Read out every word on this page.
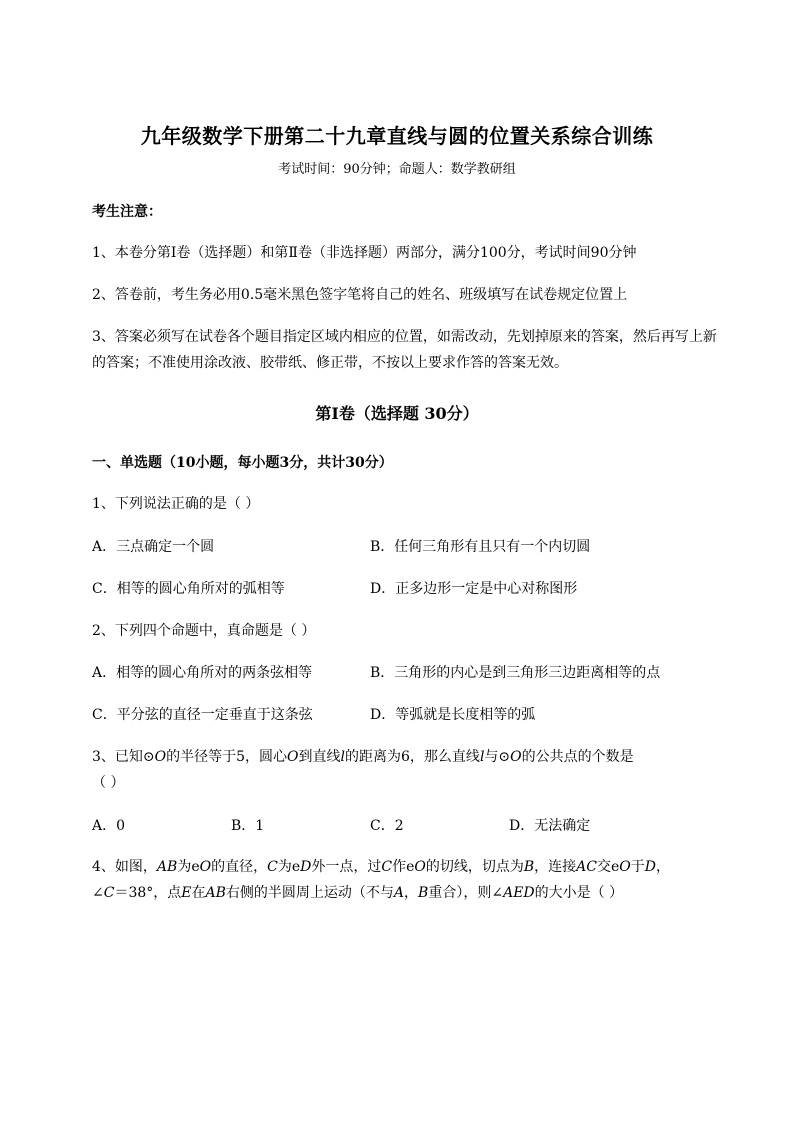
九年级数学下册第二十九章直线与圆的位置关系综合训练
考试时间：90分钟；命题人：数学教研组
考生注意：
1、本卷分第I卷（选择题）和第Ⅱ卷（非选择题）两部分，满分100分，考试时间90分钟
2、答卷前，考生务必用0.5毫米黑色签字笔将自己的姓名、班级填写在试卷规定位置上
3、答案必须写在试卷各个题目指定区域内相应的位置，如需改动，先划掉原来的答案，然后再写上新
的答案；不准使用涂改液、胶带纸、修正带，不按以上要求作答的答案无效。
第I卷（选择题 30分）
一、单选题（10小题，每小题3分，共计30分）
1、下列说法正确的是（ ）
A．三点确定一个圆	B．任何三角形有且只有一个内切圆
C．相等的圆心角所对的弧相等	D．正多边形一定是中心对称图形
2、下列四个命题中，真命题是（ ）
A．相等的圆心角所对的两条弦相等	B．三角形的内心是到三角形三边距离相等的点
C．平分弦的直径一定垂直于这条弦	D．等弧就是长度相等的弧
3、已知⊙O的半径等于5，圆心O到直线l的距离为6，那么直线l与⊙O的公共点的个数是
（ ）
A．0	B．1	C．2	D．无法确定
4、如图，AB为eO的直径，C为eD外一点，过C作eO的切线，切点为B，连接AC交eO于D，
∠C＝38°，点E在AB右侧的半圆周上运动（不与A，B重合），则∠AED的大小是（ ）
